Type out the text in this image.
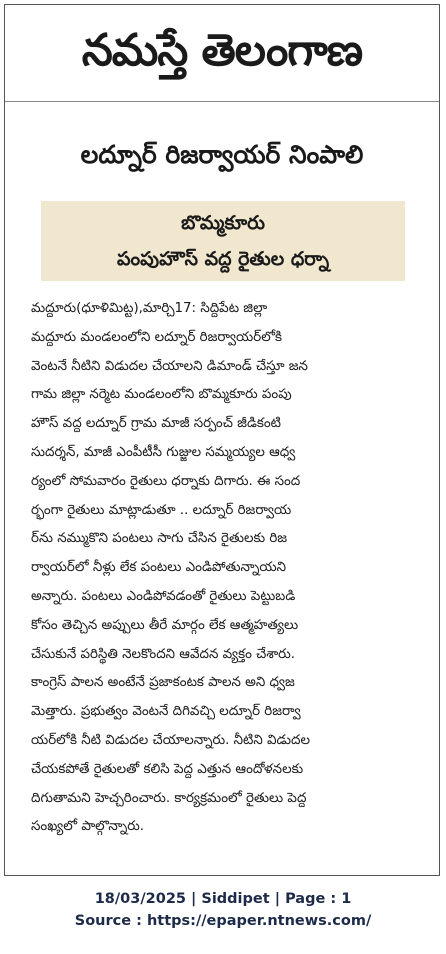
నమస్తే తెలంగాణ
లద్నూర్ రిజర్వాయర్ నింపాలి
బొమ్మకూరు
పంపుహౌస్ వద్ద రైతుల ధర్నా
మద్దూరు(ధూళిమిట్ట),మార్చి17: సిద్దిపేట జిల్లా
మద్దూరు మండలంలోని లద్నూర్ రిజర్వాయర్‌లోకి
వెంటనే నీటిని విడుదల చేయాలని డిమాండ్ చేస్తూ జన
గామ జిల్లా నర్మెట మండలంలోని బొమ్మకూరు పంపు
హౌస్ వద్ద లద్నూర్ గ్రామ మాజీ సర్పంచ్ జీడికంటి
సుదర్శన్, మాజీ ఎంపీటీసీ గుజ్జుల సమ్మయ్యల ఆధ్వ
ర్యంలో సోమవారం రైతులు ధర్నాకు దిగారు. ఈ సంద
ర్భంగా రైతులు మాట్లాడుతూ .. లద్నూర్ రిజర్వాయ
ర్‌ను నమ్ముకొని పంటలు సాగు చేసిన రైతులకు రిజ
ర్వాయర్‌లో నీళ్లు లేక పంటలు ఎండిపోతున్నాయని
అన్నారు. పంటలు ఎండిపోవడంతో రైతులు పెట్టుబడి
కోసం తెచ్చిన అప్పులు తీరే మార్గం లేక ఆత్మహత్యలు
చేసుకునే పరిస్థితి నెలకొందని ఆవేదన వ్యక్తం చేశారు.
కాంగ్రెస్ పాలన అంటేనే ప్రజాకంటక పాలన అని ధ్వజ
మెత్తారు. ప్రభుత్వం వెంటనే దిగివచ్చి లద్నూర్ రిజర్వా
యర్‌లోకి నీటి విడుదల చేయాలన్నారు. నీటిని విడుదల
చేయకపోతే రైతులతో కలిసి పెద్ద ఎత్తున ఆందోళనలకు
దిగుతామని హెచ్చరించారు. కార్యక్రమంలో రైతులు పెద్ద
సంఖ్యలో పాల్గొన్నారు.
18/03/2025 | Siddipet | Page : 1
Source : https://epaper.ntnews.com/
